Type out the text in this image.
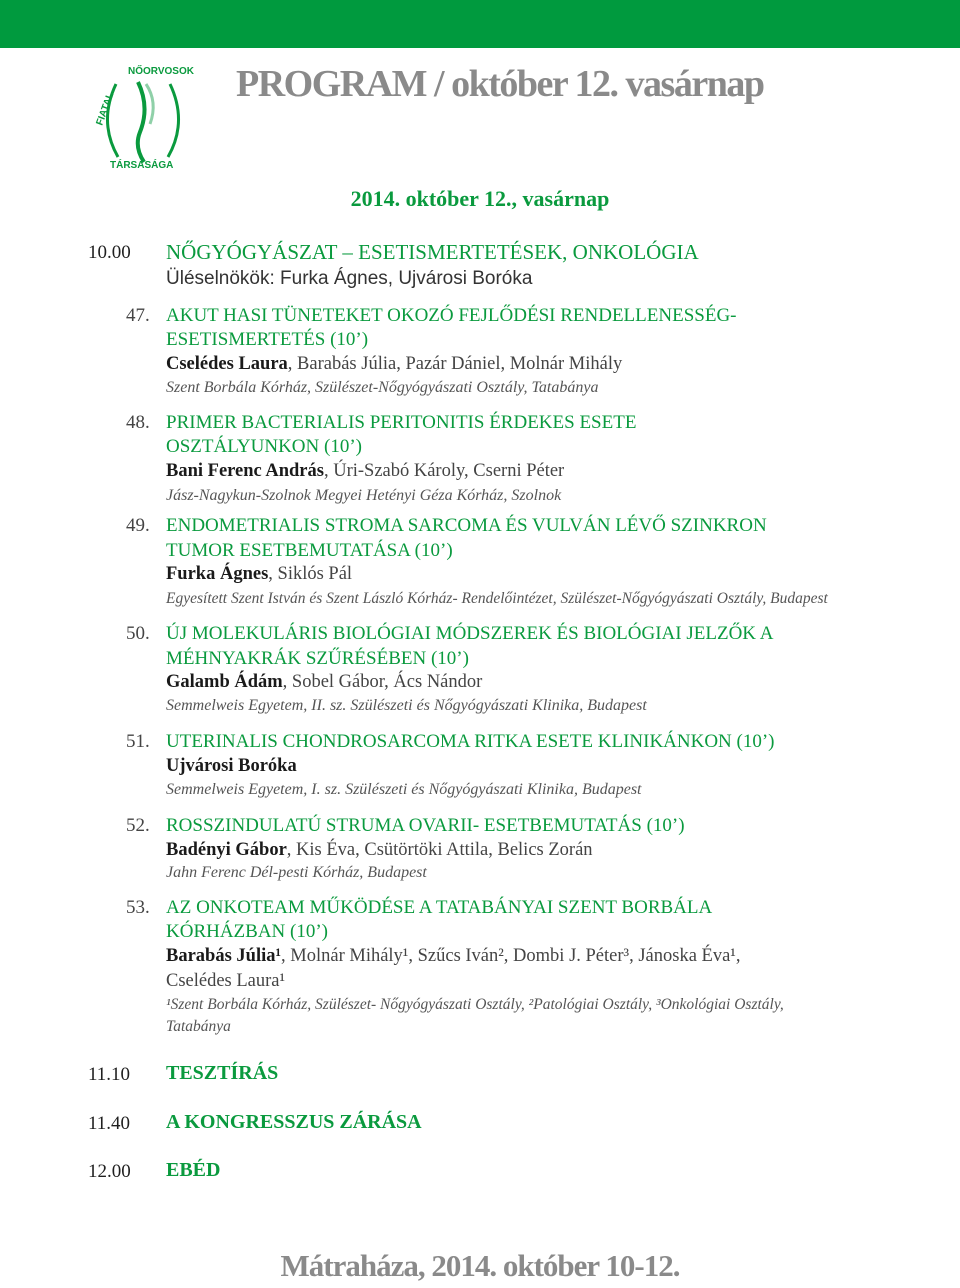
FIATAL
NŐORVOSOK
TÁRSASÁGA
PROGRAM / október 12. vasárnap
2014. október 12., vasárnap
10.00 NŐGYÓGYÁSZAT – ESETISMERTETÉSEK, ONKOLÓGIA
Üléselnökök: Furka Ágnes, Ujvárosi Boróka
47. AKUT HASI TÜNETEKET OKOZÓ FEJLŐDÉSI RENDELLENESSÉG-
ESETISMERTETÉS (10’)
Cselédes Laura, Barabás Júlia, Pazár Dániel, Molnár Mihály
Szent Borbála Kórház, Szülészet-Nőgyógyászati Osztály, Tatabánya
48. PRIMER BACTERIALIS PERITONITIS ÉRDEKES ESETE
OSZTÁLYUNKON (10’)
Bani Ferenc András, Úri-Szabó Károly, Cserni Péter
Jász-Nagykun-Szolnok Megyei Hetényi Géza Kórház, Szolnok
49. ENDOMETRIALIS STROMA SARCOMA ÉS VULVÁN LÉVŐ SZINKRON
TUMOR ESETBEMUTATÁSA (10’)
Furka Ágnes, Siklós Pál
Egyesített Szent István és Szent László Kórház- Rendelőintézet, Szülészet-Nőgyógyászati Osztály, Budapest
50. ÚJ MOLEKULÁRIS BIOLÓGIAI MÓDSZEREK ÉS BIOLÓGIAI JELZŐK A
MÉHNYAKRÁK SZŰRÉSÉBEN (10’)
Galamb Ádám, Sobel Gábor, Ács Nándor
Semmelweis Egyetem, II. sz. Szülészeti és Nőgyógyászati Klinika, Budapest
51. UTERINALIS CHONDROSARCOMA RITKA ESETE KLINIKÁNKON (10’)
Ujvárosi Boróka
Semmelweis Egyetem, I. sz. Szülészeti és Nőgyógyászati Klinika, Budapest
52. ROSSZINDULATÚ STRUMA OVARII- ESETBEMUTATÁS (10’)
Badényi Gábor, Kis Éva, Csütörtöki Attila, Belics Zorán
Jahn Ferenc Dél-pesti Kórház, Budapest
53. AZ ONKOTEAM MŰKÖDÉSE A TATABÁNYAI SZENT BORBÁLA
KÓRHÁZBAN (10’)
Barabás Júlia¹, Molnár Mihály¹, Szűcs Iván², Dombi J. Péter³, Jánoska Éva¹,
Cselédes Laura¹
¹Szent Borbála Kórház, Szülészet- Nőgyógyászati Osztály, ²Patológiai Osztály, ³Onkológiai Osztály,
Tatabánya
11.10 TESZTÍRÁS
11.40 A KONGRESSZUS ZÁRÁSA
12.00 EBÉD
Mátraháza, 2014. október 10-12.
